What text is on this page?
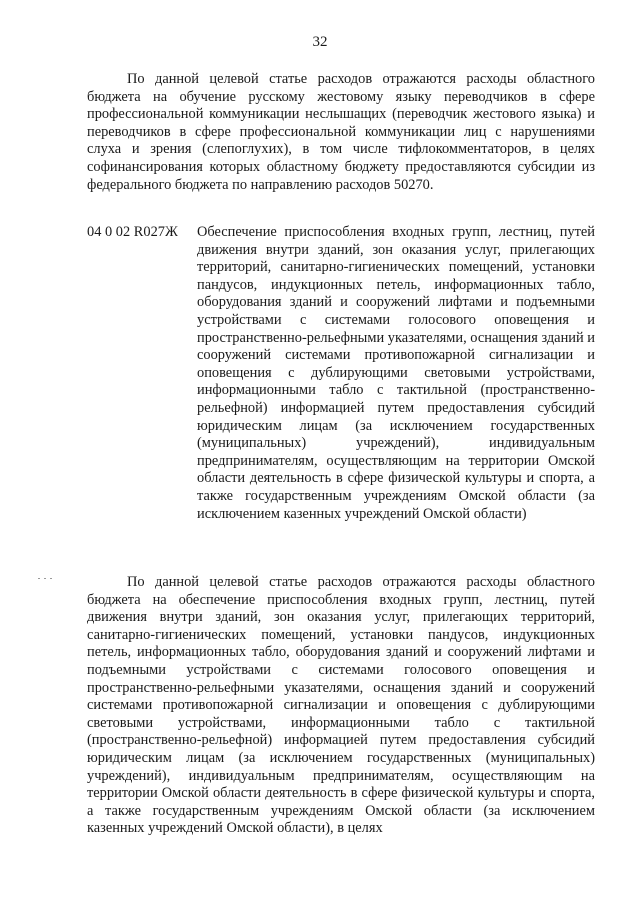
32

По данной целевой статье расходов отражаются расходы областного бюджета на обучение русскому жестовому языку переводчиков в сфере профессиональной коммуникации неслышащих (переводчик жестового языка) и переводчиков в сфере профессиональной коммуникации лиц с нарушениями слуха и зрения (слепоглухих), в том числе тифлокомментаторов, в целях софинансирования которых областному бюджету предоставляются субсидии из федерального бюджета по направлению расходов 50270.

04 0 02 R027Ж	Обеспечение приспособления входных групп, лестниц, путей движения внутри зданий, зон оказания услуг, прилегающих территорий, санитарно-гигиенических помещений, установки пандусов, индукционных петель, информационных табло, оборудования зданий и сооружений лифтами и подъемными устройствами с системами голосового оповещения и пространственно-рельефными указателями, оснащения зданий и сооружений системами противопожарной сигнализации и оповещения с дублирующими световыми устройствами, информационными табло с тактильной (пространственно-рельефной) информацией путем предоставления субсидий юридическим лицам (за исключением государственных (муниципальных) учреждений), индивидуальным предпринимателям, осуществляющим на территории Омской области деятельность в сфере физической культуры и спорта, а также государственным учреждениям Омской области (за исключением казенных учреждений Омской области)

По данной целевой статье расходов отражаются расходы областного бюджета на обеспечение приспособления входных групп, лестниц, путей движения внутри зданий, зон оказания услуг, прилегающих территорий, санитарно-гигиенических помещений, установки пандусов, индукционных петель, информационных табло, оборудования зданий и сооружений лифтами и подъемными устройствами с системами голосового оповещения и пространственно-рельефными указателями, оснащения зданий и сооружений системами противопожарной сигнализации и оповещения с дублирующими световыми устройствами, информационными табло с тактильной (пространственно-рельефной) информацией путем предоставления субсидий юридическим лицам (за исключением государственных (муниципальных) учреждений), индивидуальным предпринимателям, осуществляющим на территории Омской области деятельность в сфере физической культуры и спорта, а также государственным учреждениям Омской области (за исключением казенных учреждений Омской области), в целях
